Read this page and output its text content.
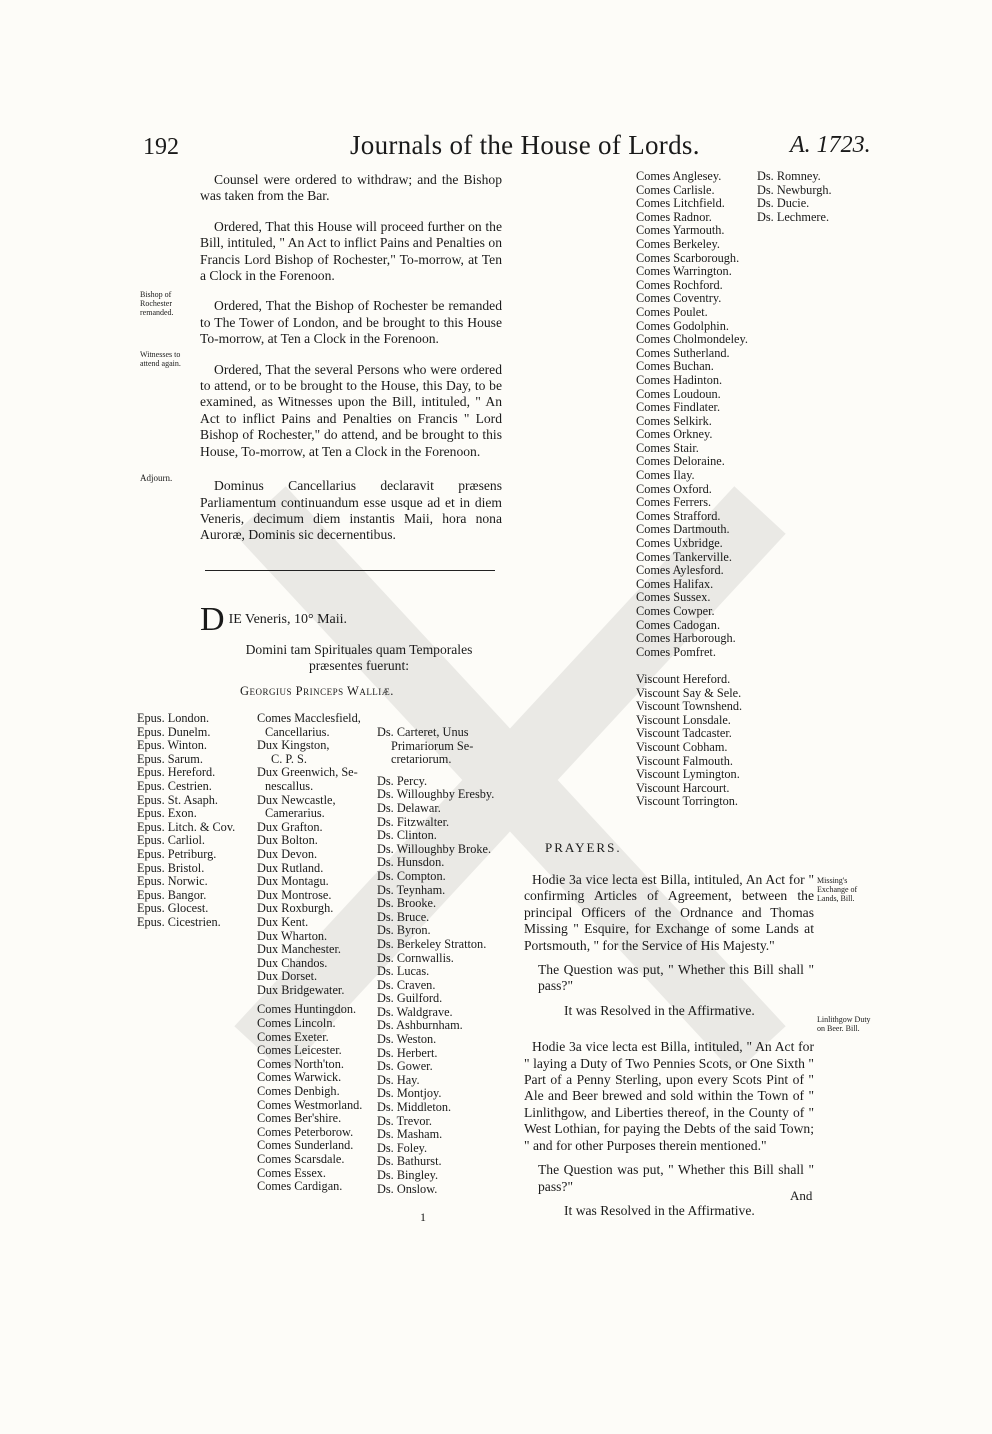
192	Journals of the House of Lords.	A. 1723.

Counsel were ordered to withdraw; and the Bishop was taken from the Bar.

Ordered, That this House will proceed further on the Bill, intituled, " An Act to inflict Pains and Penalties on Francis Lord Bishop of Rochester," To-morrow, at Ten a Clock in the Forenoon.

Ordered, That the Bishop of Rochester be remanded to The Tower of London, and be brought to this House To-morrow, at Ten a Clock in the Forenoon.

Ordered, That the several Persons who were ordered to attend, or to be brought to the House, this Day, to be examined, as Witnesses upon the Bill, intituled, " An Act to inflict Pains and Penalties on Francis " Lord Bishop of Rochester," do attend, and be brought to this House, To-morrow, at Ten a Clock in the Forenoon.

Dominus Cancellarius declaravit præsens Parliamentum continuandum esse usque ad et in diem Veneris, decimum diem instantis Maii, hora nona Auroræ, Dominis sic decernentibus.

Bishop of Rochester remanded.
Witnesses to attend again.
Adjourn.
D IE Veneris, 10° Maii.
Domini tam Spirituales quam Temporales præsentes fuerunt:
Georgius Princeps Walliæ.
Epus. London.
Epus. Dunelm.
Epus. Winton.
Epus. Sarum.
Epus. Hereford.
Epus. Cestrien.
Epus. St. Asaph.
Epus. Exon.
Epus. Litch. & Cov.
Epus. Carliol.
Epus. Petriburg.
Epus. Bristol.
Epus. Norwic.
Epus. Bangor.
Epus. Glocest.
Epus. Cicestrien.
Comes Macclesfield,
Cancellarius.
Dux Kingston,
C. P. S.
Dux Greenwich, Se-
nescallus.
Dux Newcastle,
Camerarius.
Dux Grafton.
Dux Bolton.
Dux Devon.
Dux Rutland.
Dux Montagu.
Dux Montrose.
Dux Roxburgh.
Dux Kent.
Dux Wharton.
Dux Manchester.
Dux Chandos.
Dux Dorset.
Dux Bridgewater.
Comes Huntingdon.
Comes Lincoln.
Comes Exeter.
Comes Leicester.
Comes North'ton.
Comes Warwick.
Comes Denbigh.
Comes Westmorland.
Comes Ber'shire.
Comes Peterborow.
Comes Sunderland.
Comes Scarsdale.
Comes Essex.
Comes Cardigan.
Ds. Carteret, Unus
Primariorum Se-
cretariorum.
Ds. Percy.
Ds. Willoughby Eresby.
Ds. Delawar.
Ds. Fitzwalter.
Ds. Clinton.
Ds. Willoughby Broke.
Ds. Hunsdon.
Ds. Compton.
Ds. Teynham.
Ds. Brooke.
Ds. Bruce.
Ds. Byron.
Ds. Berkeley Stratton.
Ds. Cornwallis.
Ds. Lucas.
Ds. Craven.
Ds. Guilford.
Ds. Waldgrave.
Ds. Ashburnham.
Ds. Weston.
Ds. Herbert.
Ds. Gower.
Ds. Hay.
Ds. Montjoy.
Ds. Middleton.
Ds. Trevor.
Ds. Masham.
Ds. Foley.
Ds. Bathurst.
Ds. Bingley.
Ds. Onslow.
Comes Anglesey.
Comes Carlisle.
Comes Litchfield.
Comes Radnor.
Comes Yarmouth.
Comes Berkeley.
Comes Scarborough.
Comes Warrington.
Comes Rochford.
Comes Coventry.
Comes Poulet.
Comes Godolphin.
Comes Cholmondeley.
Comes Sutherland.
Comes Buchan.
Comes Hadinton.
Comes Loudoun.
Comes Findlater.
Comes Selkirk.
Comes Orkney.
Comes Stair.
Comes Deloraine.
Comes Ilay.
Comes Oxford.
Comes Ferrers.
Comes Strafford.
Comes Dartmouth.
Comes Uxbridge.
Comes Tankerville.
Comes Aylesford.
Comes Halifax.
Comes Sussex.
Comes Cowper.
Comes Cadogan.
Comes Harborough.
Comes Pomfret.
Viscount Hereford.
Viscount Say & Sele.
Viscount Townshend.
Viscount Lonsdale.
Viscount Tadcaster.
Viscount Cobham.
Viscount Falmouth.
Viscount Lymington.
Viscount Harcourt.
Viscount Torrington.
Ds. Romney.
Ds. Newburgh.
Ds. Ducie.
Ds. Lechmere.
PRAYERS.

Hodie 3a vice lecta est Billa, intituled, An Act for " confirming Articles of Agreement, between the principal Officers of the Ordnance and Thomas Missing " Esquire, for Exchange of some Lands at Portsmouth, " for the Service of His Majesty."

The Question was put, " Whether this Bill shall " pass?"

It was Resolved in the Affirmative.

Hodie 3a vice lecta est Billa, intituled, " An Act for " laying a Duty of Two Pennies Scots, or One Sixth " Part of a Penny Sterling, upon every Scots Pint of " Ale and Beer brewed and sold within the Town of " Linlithgow, and Liberties thereof, in the County of " West Lothian, for paying the Debts of the said Town; " and for other Purposes therein mentioned."

The Question was put, " Whether this Bill shall " pass?"

It was Resolved in the Affirmative.

Missing's Exchange of Lands, Bill.
Linlithgow Duty on Beer. Bill.
And
1
